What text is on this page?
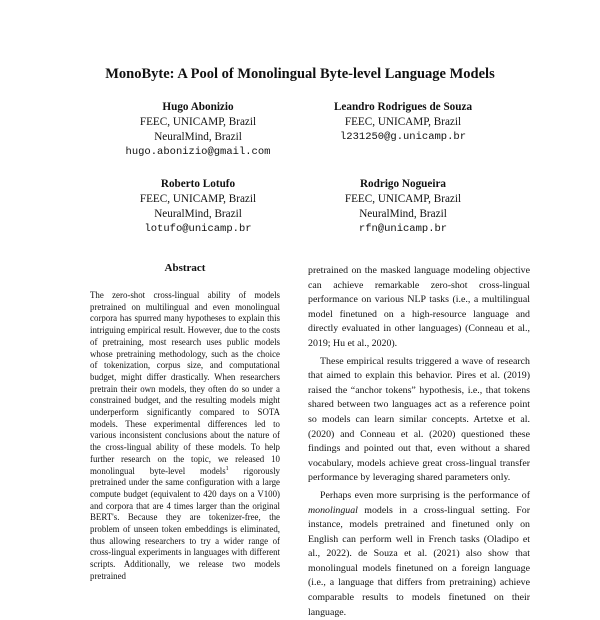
MonoByte: A Pool of Monolingual Byte-level Language Models
Hugo Abonizio
FEEC, UNICAMP, Brazil
NeuralMind, Brazil
hugo.abonizio@gmail.com
Leandro Rodrigues de Souza
FEEC, UNICAMP, Brazil
l231250@g.unicamp.br
Roberto Lotufo
FEEC, UNICAMP, Brazil
NeuralMind, Brazil
lotufo@unicamp.br
Rodrigo Nogueira
FEEC, UNICAMP, Brazil
NeuralMind, Brazil
rfn@unicamp.br
Abstract
The zero-shot cross-lingual ability of models pretrained on multilingual and even monolingual corpora has spurred many hypotheses to explain this intriguing empirical result. However, due to the costs of pretraining, most research uses public models whose pretraining methodology, such as the choice of tokenization, corpus size, and computational budget, might differ drastically. When researchers pretrain their own models, they often do so under a constrained budget, and the resulting models might underperform significantly compared to SOTA models. These experimental differences led to various inconsistent conclusions about the nature of the cross-lingual ability of these models. To help further research on the topic, we released 10 monolingual byte-level models$^1$ rigorously pretrained under the same configuration with a large compute budget (equivalent to 420 days on a V100) and corpora that are 4 times larger than the original BERT's. Because they are tokenizer-free, the problem of unseen token embeddings is eliminated, thus allowing researchers to try a wider range of cross-lingual experiments in languages with different scripts. Additionally, we release two models pretrained

pretrained on the masked language modeling objective can achieve remarkable zero-shot cross-lingual performance on various NLP tasks (i.e., a multilingual model finetuned on a high-resource language and directly evaluated in other languages) (Conneau et al., 2019; Hu et al., 2020).

These empirical results triggered a wave of research that aimed to explain this behavior. Pires et al. (2019) raised the “anchor tokens” hypothesis, i.e., that tokens shared between two languages act as a reference point so models can learn similar concepts. Artetxe et al. (2020) and Conneau et al. (2020) questioned these findings and pointed out that, even without a shared vocabulary, models achieve great cross-lingual transfer performance by leveraging shared parameters only.

Perhaps even more surprising is the performance of monolingual models in a cross-lingual setting. For instance, models pretrained and finetuned only on English can perform well in French tasks (Oladipo et al., 2022). de Souza et al. (2021) also show that monolingual models finetuned on a foreign language (i.e., a language that differs from pretraining) achieve comparable results to models finetuned on their language.
